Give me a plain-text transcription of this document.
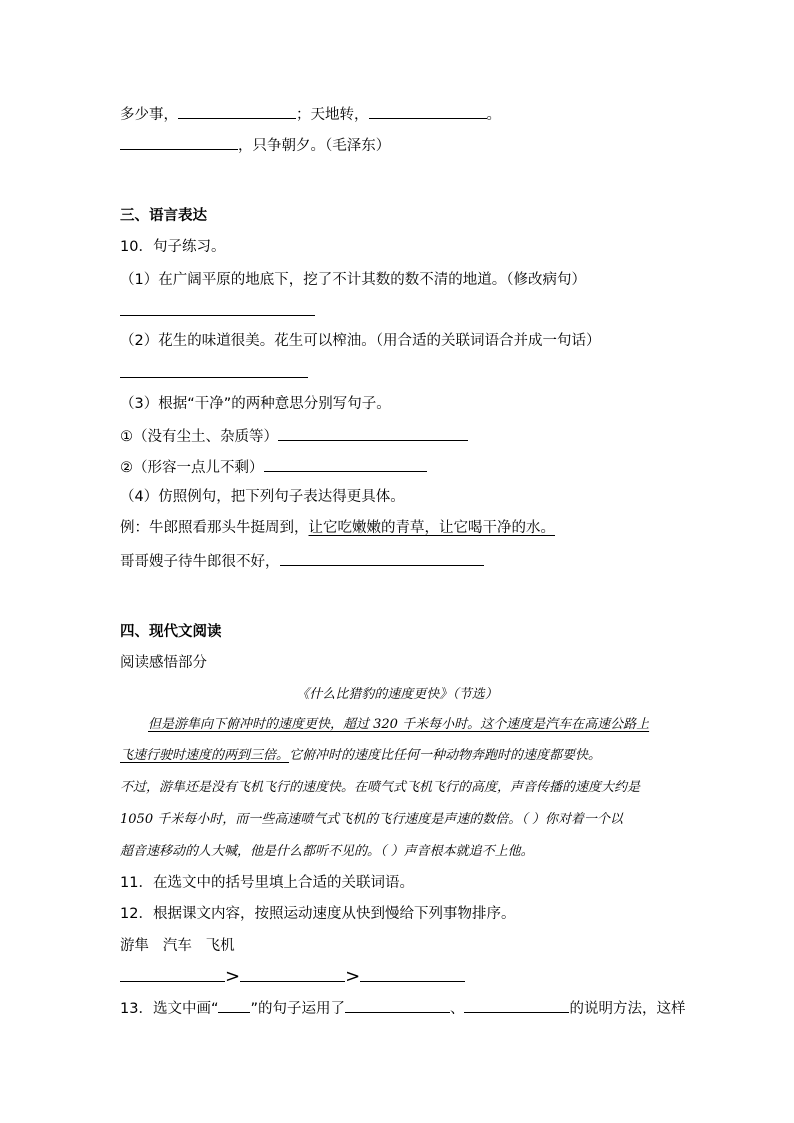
多少事，	；天地转，	。
，只争朝夕。（毛泽东）
三、语言表达
10．句子练习。
（1）在广阔平原的地底下，挖了不计其数的数不清的地道。（修改病句）
（2）花生的味道很美。花生可以榨油。（用合适的关联词语合并成一句话）
（3）根据“干净”的两种意思分别写句子。
①（没有尘土、杂质等）
②（形容一点儿不剩）
（4）仿照例句，把下列句子表达得更具体。
例：牛郎照看那头牛挺周到，让它吃嫩嫩的青草，让它喝干净的水。
哥哥嫂子待牛郎很不好，
四、现代文阅读
阅读感悟部分
《什么比猎豹的速度更快》（节选）
但是游隼向下俯冲时的速度更快，超过 320 千米每小时。这个速度是汽车在高速公路上
飞速行驶时速度的两到三倍。它俯冲时的速度比任何一种动物奔跑时的速度都要快。
不过，游隼还是没有飞机飞行的速度快。在喷气式飞机飞行的高度，声音传播的速度大约是
1050 千米每小时，而一些高速喷气式飞机的飞行速度是声速的数倍。（ ）你对着一个以
超音速移动的人大喊，他是什么都听不见的。（ ）声音根本就追不上他。
11．在选文中的括号里填上合适的关联词语。
12．根据课文内容，按照运动速度从快到慢给下列事物排序。
游隼 汽车 飞机
>	>
13．选文中画“ ”的句子运用了	、	的说明方法，这样
